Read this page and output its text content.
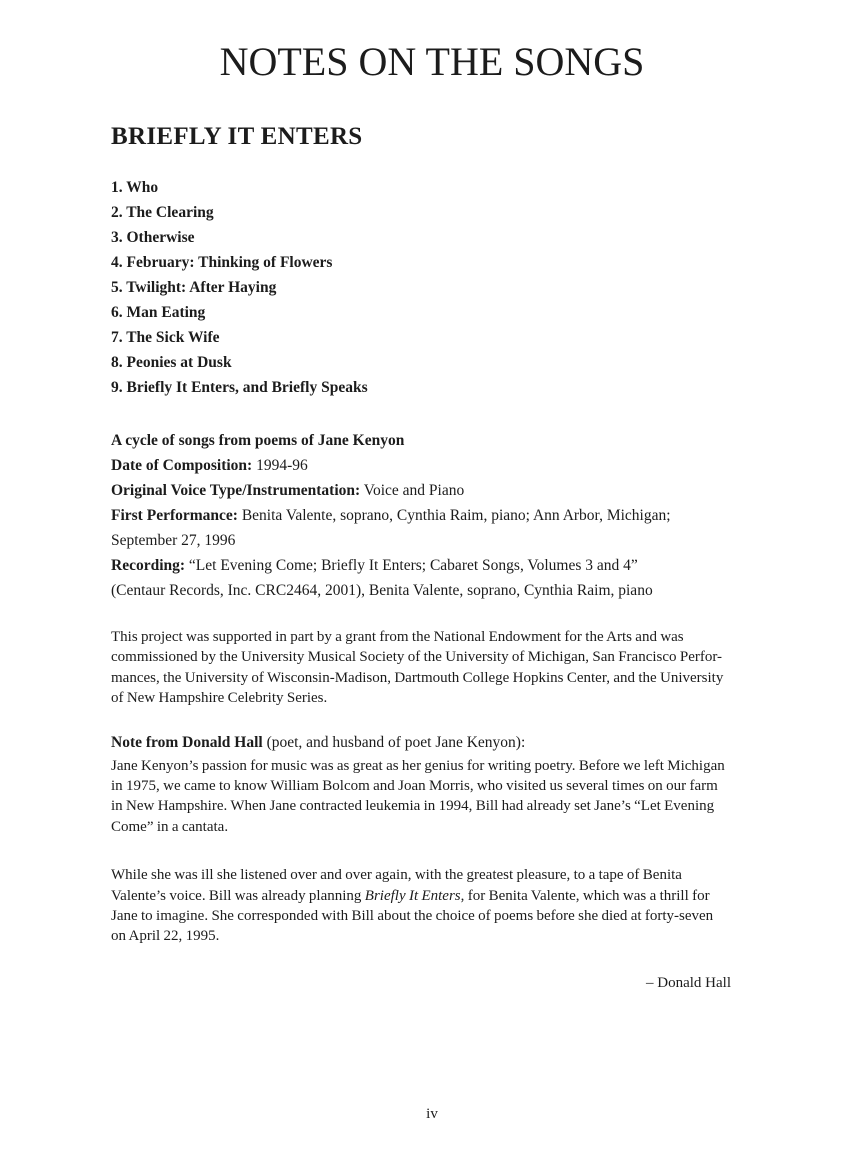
NOTES ON THE SONGS
BRIEFLY IT ENTERS
1. Who
2. The Clearing
3. Otherwise
4. February: Thinking of Flowers
5. Twilight: After Haying
6. Man Eating
7. The Sick Wife
8. Peonies at Dusk
9. Briefly It Enters, and Briefly Speaks
A cycle of songs from poems of Jane Kenyon
Date of Composition: 1994-96
Original Voice Type/Instrumentation: Voice and Piano
First Performance: Benita Valente, soprano, Cynthia Raim, piano; Ann Arbor, Michigan;
September 27, 1996
Recording: “Let Evening Come; Briefly It Enters; Cabaret Songs, Volumes 3 and 4”
(Centaur Records, Inc. CRC2464, 2001), Benita Valente, soprano, Cynthia Raim, piano
This project was supported in part by a grant from the National Endowment for the Arts and was
commissioned by the University Musical Society of the University of Michigan, San Francisco Perfor-
mances, the University of Wisconsin-Madison, Dartmouth College Hopkins Center, and the University
of New Hampshire Celebrity Series.
Note from Donald Hall (poet, and husband of poet Jane Kenyon):
Jane Kenyon’s passion for music was as great as her genius for writing poetry. Before we left Michigan
in 1975, we came to know William Bolcom and Joan Morris, who visited us several times on our farm
in New Hampshire. When Jane contracted leukemia in 1994, Bill had already set Jane’s “Let Evening
Come” in a cantata.
While she was ill she listened over and over again, with the greatest pleasure, to a tape of Benita
Valente’s voice. Bill was already planning Briefly It Enters, for Benita Valente, which was a thrill for
Jane to imagine. She corresponded with Bill about the choice of poems before she died at forty-seven
on April 22, 1995.
– Donald Hall
iv
